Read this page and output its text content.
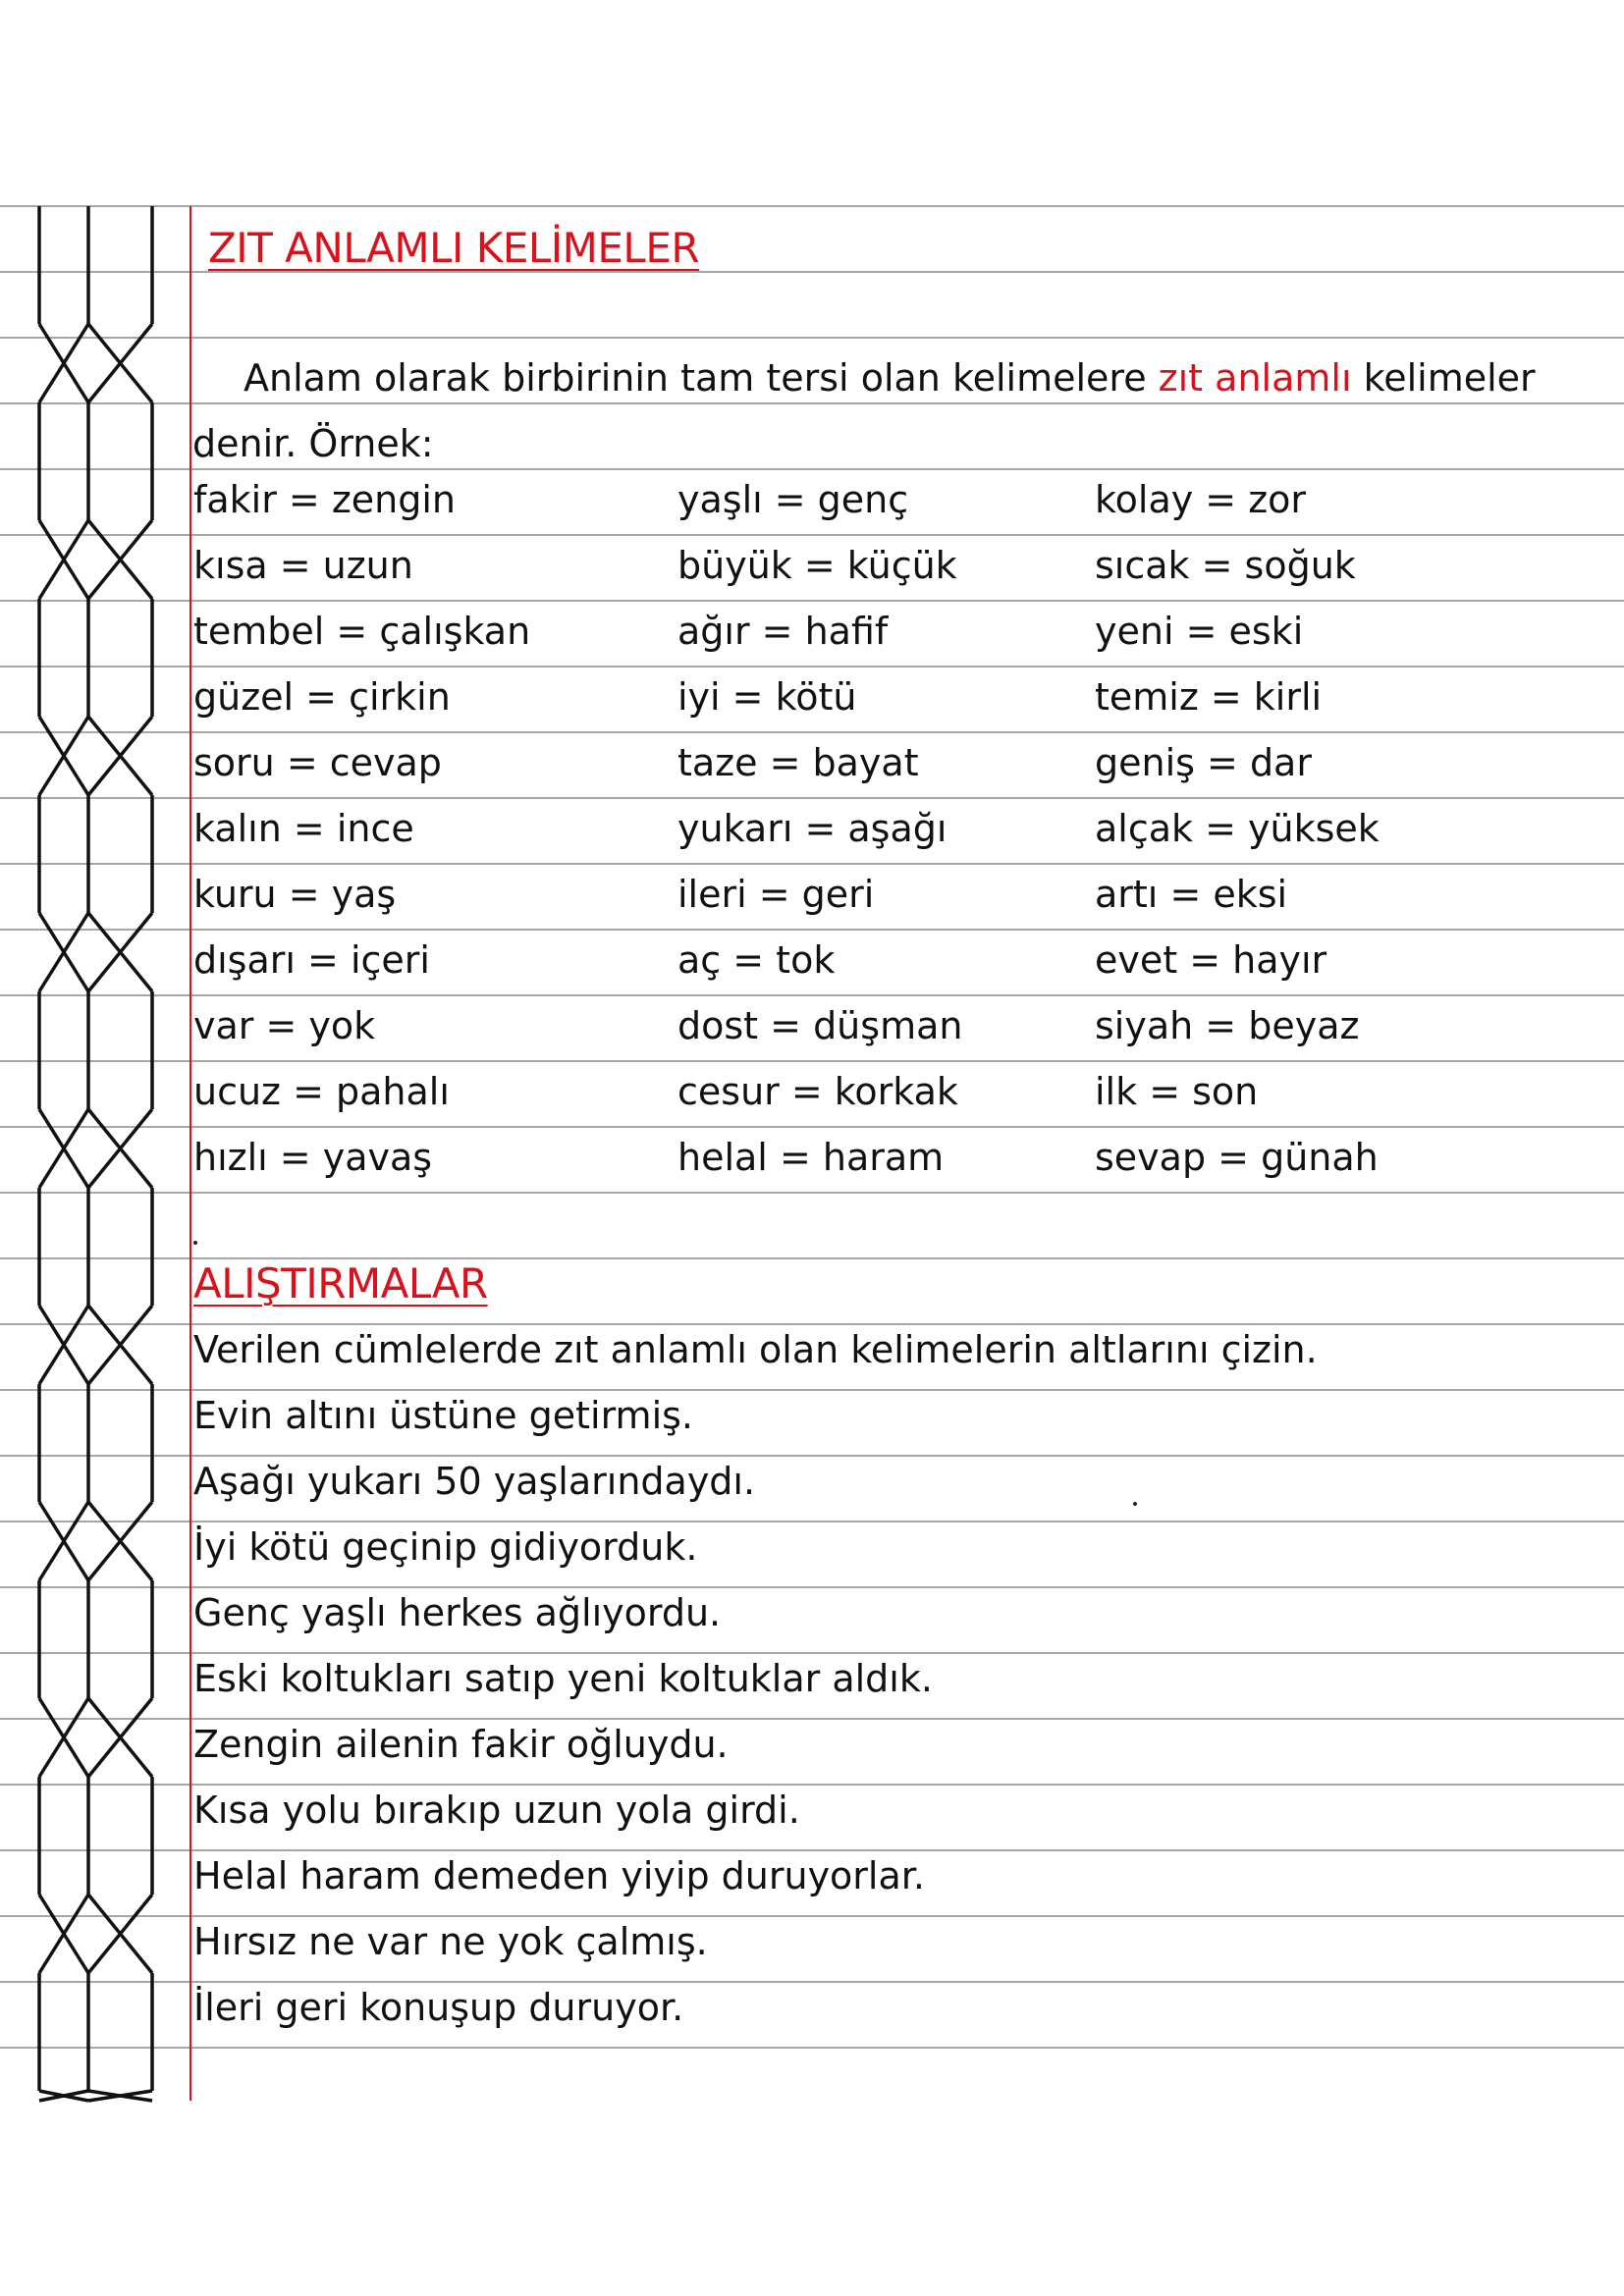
ZIT ANLAMLI KELİMELER
Anlam olarak birbirinin tam tersi olan kelimelere zıt anlamlı kelimeler denir. Örnek:
fakir = zengin	yaşlı = genç	kolay = zor
kısa = uzun	büyük = küçük	sıcak = soğuk
tembel = çalışkan	ağır = hafif	yeni = eski
güzel = çirkin	iyi = kötü	temiz = kirli
soru = cevap	taze = bayat	geniş = dar
kalın = ince	yukarı = aşağı	alçak = yüksek
kuru = yaş	ileri = geri	artı = eksi
dışarı = içeri	aç = tok	evet = hayır
var = yok	dost = düşman	siyah = beyaz
ucuz = pahalı	cesur = korkak	ilk = son
hızlı = yavaş	helal = haram	sevap = günah
ALIŞTIRMALAR
Verilen cümlelerde zıt anlamlı olan kelimelerin altlarını çizin.
Evin altını üstüne getirmiş.
Aşağı yukarı 50 yaşlarındaydı.
İyi kötü geçinip gidiyorduk.
Genç yaşlı herkes ağlıyordu.
Eski koltukları satıp yeni koltuklar aldık.
Zengin ailenin fakir oğluydu.
Kısa yolu bırakıp uzun yola girdi.
Helal haram demeden yiyip duruyorlar.
Hırsız ne var ne yok çalmış.
İleri geri konuşup duruyor.
